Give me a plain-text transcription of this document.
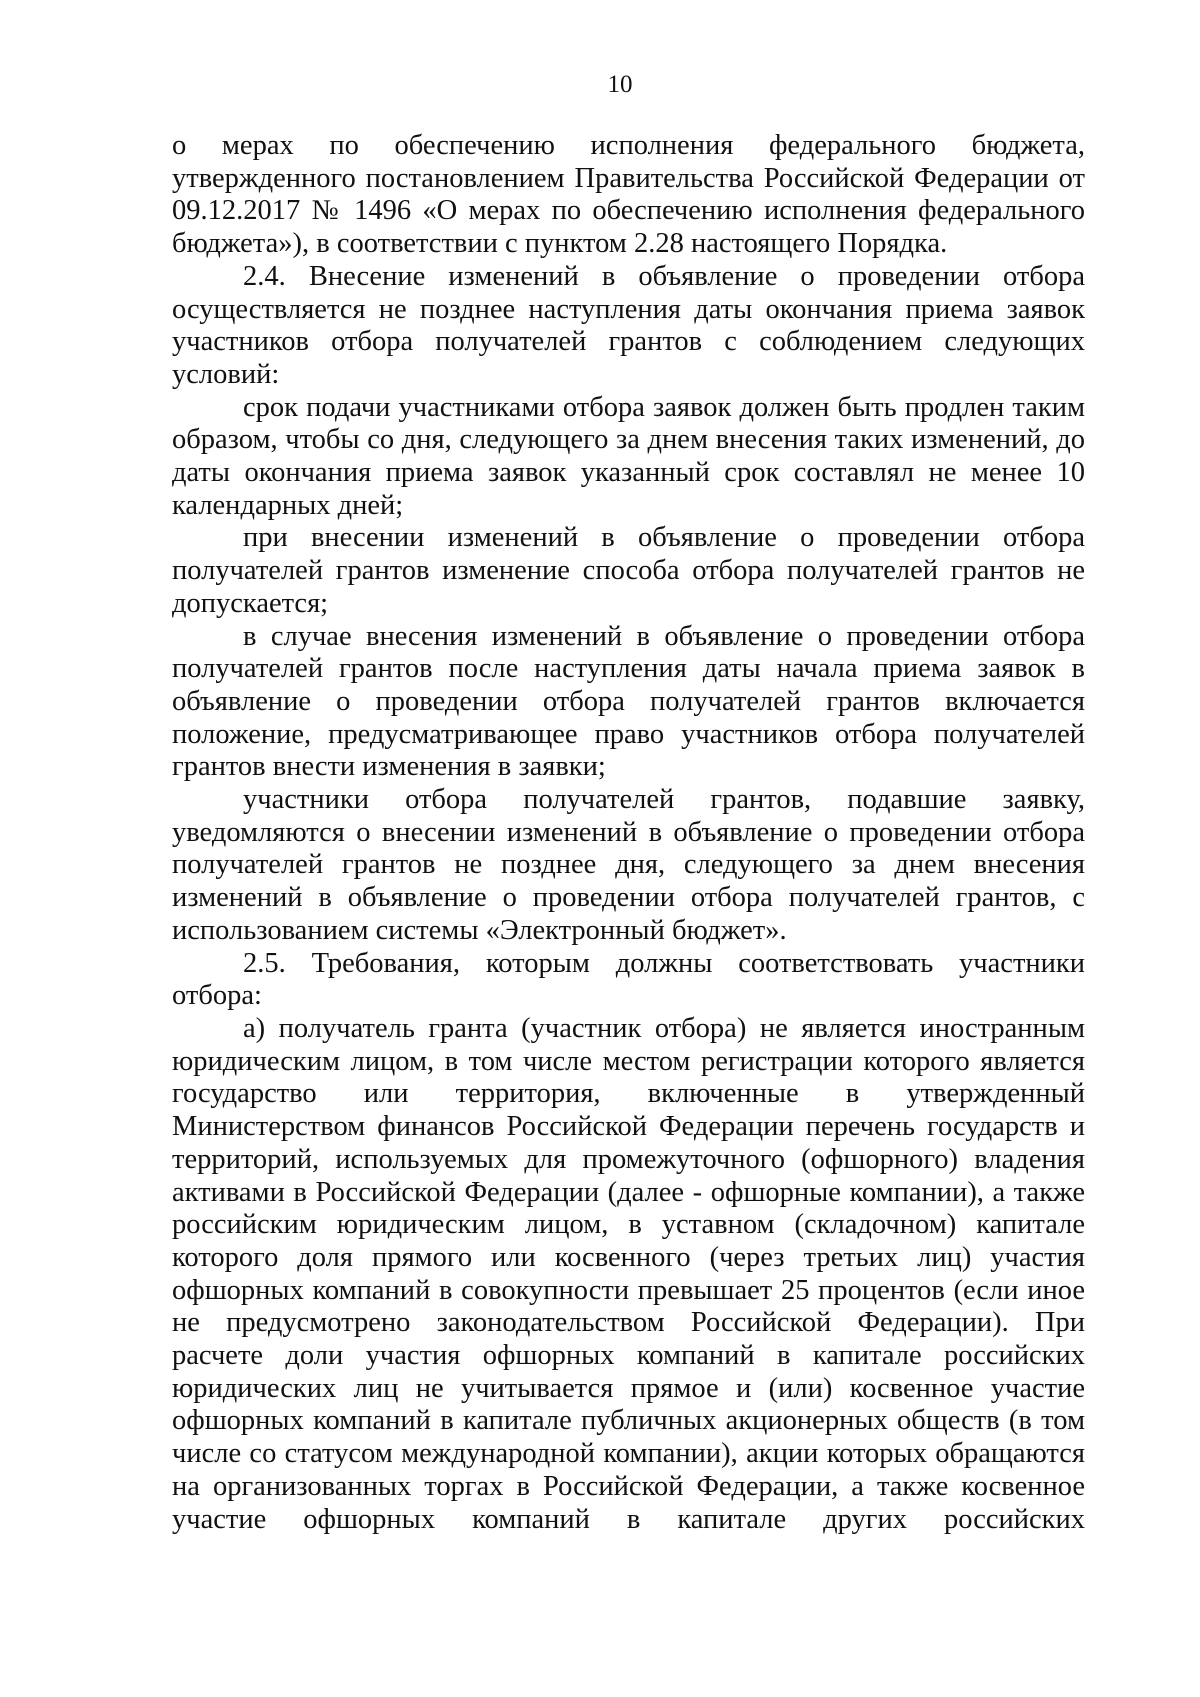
10

о мерах по обеспечению исполнения федерального бюджета, утвержденного постановлением Правительства Российской Федерации от 09.12.2017 № 1496 «О мерах по обеспечению исполнения федерального бюджета»), в соответствии с пунктом 2.28 настоящего Порядка.

2.4. Внесение изменений в объявление о проведении отбора осуществляется не позднее наступления даты окончания приема заявок участников отбора получателей грантов с соблюдением следующих условий:

срок подачи участниками отбора заявок должен быть продлен таким образом, чтобы со дня, следующего за днем внесения таких изменений, до даты окончания приема заявок указанный срок составлял не менее 10 календарных дней;

при внесении изменений в объявление о проведении отбора получателей грантов изменение способа отбора получателей грантов не допускается;

в случае внесения изменений в объявление о проведении отбора получателей грантов после наступления даты начала приема заявок в объявление о проведении отбора получателей грантов включается положение, предусматривающее право участников отбора получателей грантов внести изменения в заявки;

участники отбора получателей грантов, подавшие заявку, уведомляются о внесении изменений в объявление о проведении отбора получателей грантов не позднее дня, следующего за днем внесения изменений в объявление о проведении отбора получателей грантов, с использованием системы «Электронный бюджет».

2.5. Требования, которым должны соответствовать участники отбора:

а) получатель гранта (участник отбора) не является иностранным юридическим лицом, в том числе местом регистрации которого является государство или территория, включенные в утвержденный Министерством финансов Российской Федерации перечень государств и территорий, используемых для промежуточного (офшорного) владения активами в Российской Федерации (далее - офшорные компании), а также российским юридическим лицом, в уставном (складочном) капитале которого доля прямого или косвенного (через третьих лиц) участия офшорных компаний в совокупности превышает 25 процентов (если иное не предусмотрено законодательством Российской Федерации). При расчете доли участия офшорных компаний в капитале российских юридических лиц не учитывается прямое и (или) косвенное участие офшорных компаний в капитале публичных акционерных обществ (в том числе со статусом международной компании), акции которых обращаются на организованных торгах в Российской Федерации, а также косвенное участие офшорных компаний в капитале других российских
